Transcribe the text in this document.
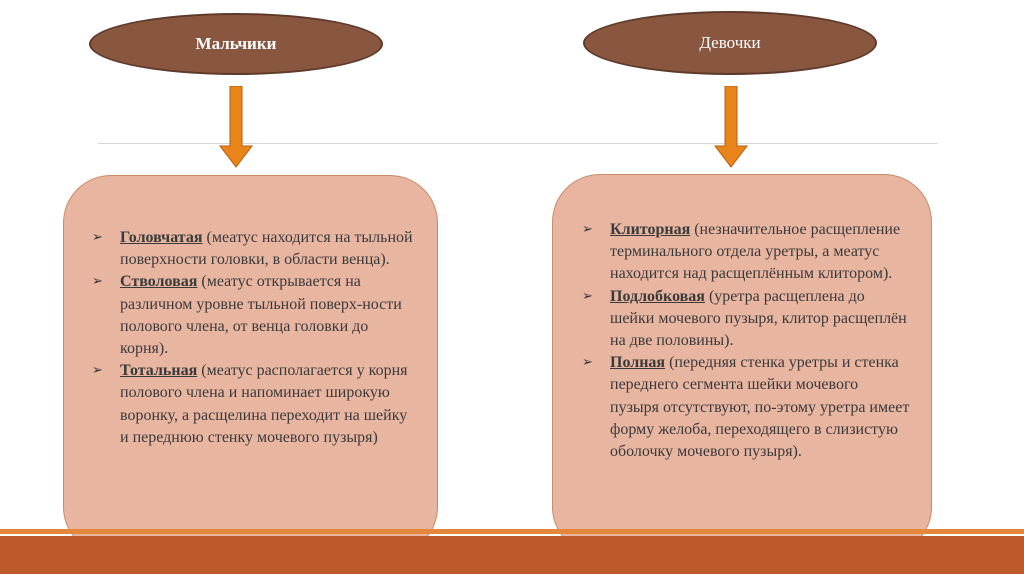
Мальчики	Девочки
➢ Головчатая (меатус находится на тыльной поверхности головки, в области венца).
➢ Стволовая (меатус открывается на различном уровне тыльной поверх-ности полового члена, от венца головки до корня).
➢ Тотальная (меатус располагается у корня полового члена и напоминает широкую воронку, а расщелина переходит на шейку и переднюю стенку мочевого пузыря)
➢ Клиторная (незначительное расщепление терминального отдела уретры, а меатус находится над расщеплённым клитором).
➢ Подлобковая (уретра расщеплена до шейки мочевого пузыря, клитор расщеплён на две половины).
➢ Полная (передняя стенка уретры и стенка переднего сегмента шейки мочевого пузыря отсутствуют, по-этому уретра имеет форму желоба, переходящего в слизистую оболочку мочевого пузыря).
